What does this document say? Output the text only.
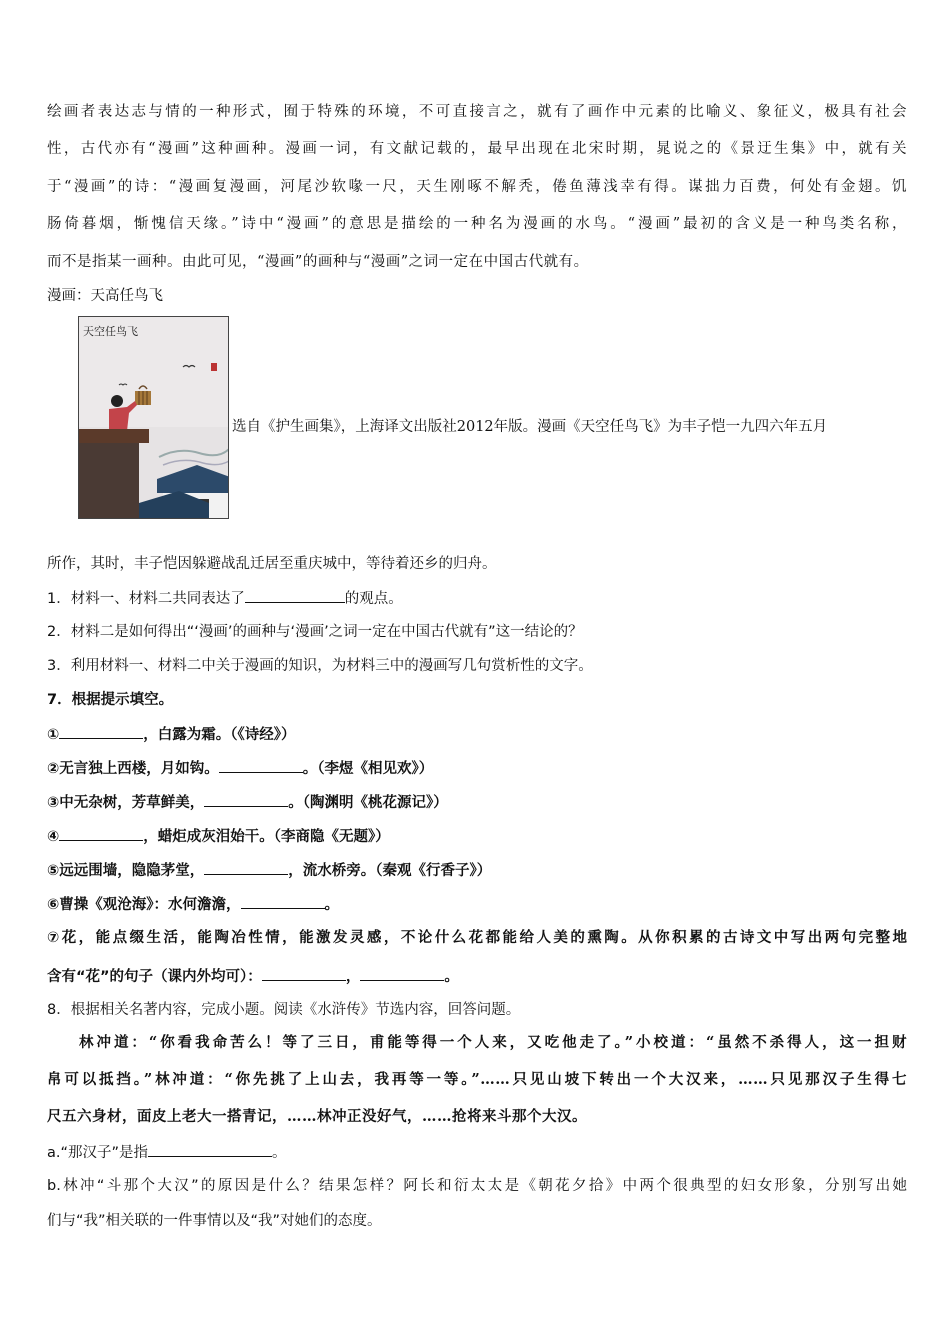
绘画者表达志与情的一种形式，囿于特殊的环境，不可直接言之，就有了画作中元素的比喻义、象征义，极具有社会
性，古代亦有“漫画”这种画种。漫画一词，有文献记载的，最早出现在北宋时期，晁说之的《景迂生集》中，就有关
于“漫画”的诗：“漫画复漫画，河尾沙软喙一尺，天生刚啄不解秃，倦鱼薄浅幸有得。谋拙力百费，何处有金翅。饥
肠倚暮烟，惭愧信天缘。”诗中“漫画”的意思是描绘的一种名为漫画的水鸟。“漫画”最初的含义是一种鸟类名称，
而不是指某一画种。由此可见，“漫画”的画种与“漫画”之词一定在中国古代就有。
漫画：天高任鸟飞
天空任鸟飞
选自《护生画集》，上海译文出版社2012年版。漫画《天空任鸟飞》为丰子恺一九四六年五月
所作，其时，丰子恺因躲避战乱迁居至重庆城中，等待着还乡的归舟。
1．材料一、材料二共同表达了	的观点。
2．材料二是如何得出“‘漫画’的画种与‘漫画’之词一定在中国古代就有”这一结论的？
3．利用材料一、材料二中关于漫画的知识，为材料三中的漫画写几句赏析性的文字。
7．根据提示填空。
①	，白露为霜。（《诗经》）
②无言独上西楼，月如钩。	。（李煜《相见欢》）
③中无杂树，芳草鲜美，	。（陶渊明《桃花源记》）
④	，蜡炬成灰泪始干。（李商隐《无题》）
⑤远远围墙，隐隐茅堂，	，流水桥旁。（秦观《行香子》）
⑥曹操《观沧海》：水何澹澹，	。
⑦花，能点缀生活，能陶冶性情，能激发灵感，不论什么花都能给人美的熏陶。从你积累的古诗文中写出两句完整地
含有“花”的句子（课内外均可）：	，	。
8．根据相关名著内容，完成小题。阅读《水浒传》节选内容，回答问题。
林冲道：“你看我命苦么！等了三日，甫能等得一个人来，又吃他走了。”小校道：“虽然不杀得人，这一担财
帛可以抵挡。”林冲道：“你先挑了上山去，我再等一等。”……只见山坡下转出一个大汉来，……只见那汉子生得七
尺五六身材，面皮上老大一搭青记，……林冲正没好气，……抢将来斗那个大汉。
a.“那汉子”是指	。
b.林冲“斗那个大汉”的原因是什么？结果怎样？阿长和衍太太是《朝花夕拾》中两个很典型的妇女形象，分别写出她
们与“我”相关联的一件事情以及“我”对她们的态度。
